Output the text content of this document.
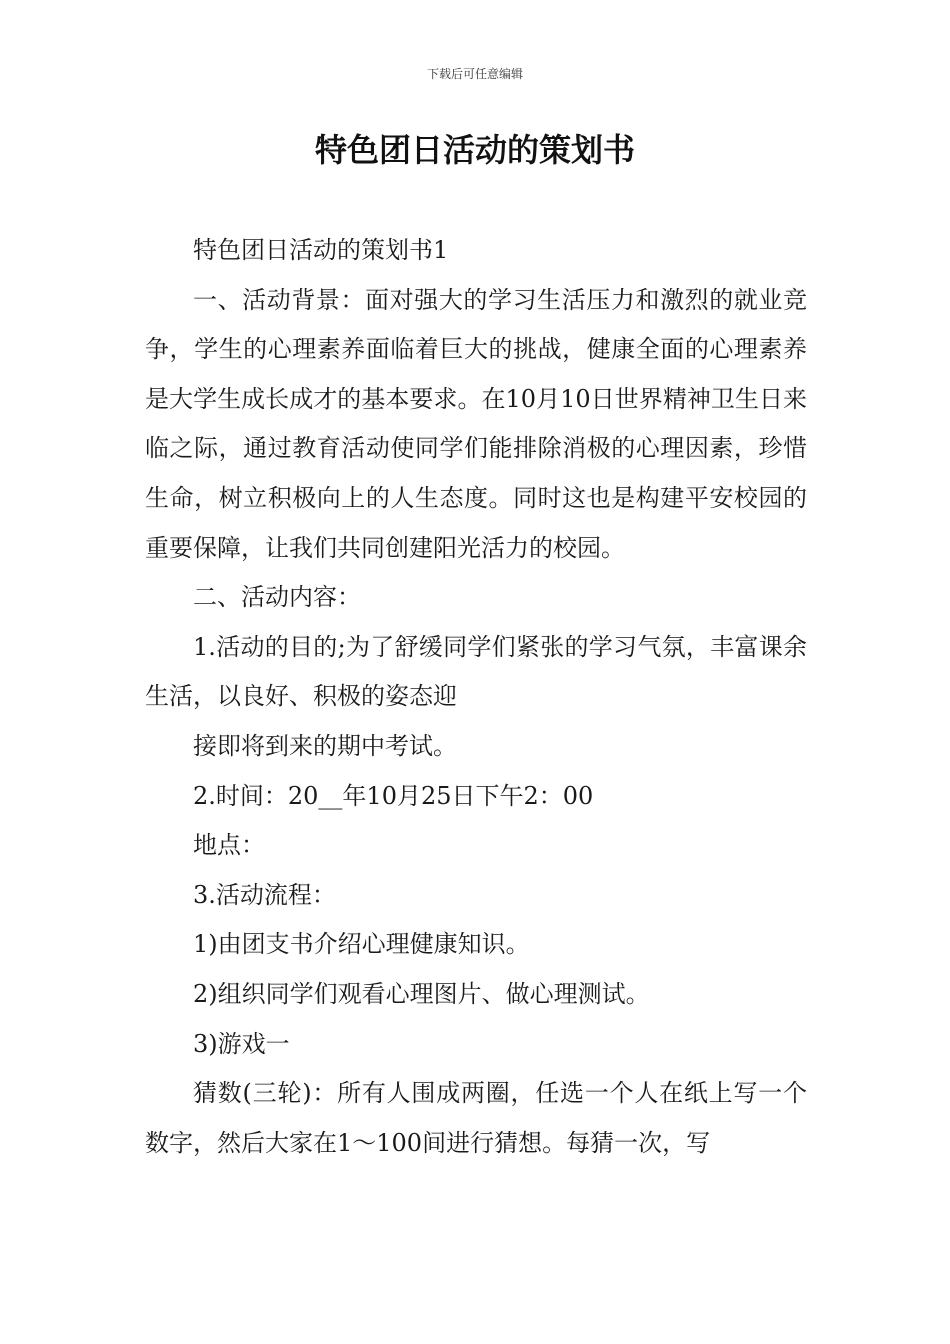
下载后可任意编辑
特色团日活动的策划书

特色团日活动的策划书1

一、活动背景：面对强大的学习生活压力和激烈的就业竞争，学生的心理素养面临着巨大的挑战，健康全面的心理素养是大学生成长成才的基本要求。在10月10日世界精神卫生日来临之际，通过教育活动使同学们能排除消极的心理因素，珍惜生命，树立积极向上的人生态度。同时这也是构建平安校园的重要保障，让我们共同创建阳光活力的校园。

二、活动内容：

1.活动的目的;为了舒缓同学们紧张的学习气氛，丰富课余生活，以良好、积极的姿态迎

接即将到来的期中考试。

2.时间：20__年10月25日下午2：00

地点：

3.活动流程：

1)由团支书介绍心理健康知识。

2)组织同学们观看心理图片、做心理测试。

3)游戏一

猜数(三轮)：所有人围成两圈，任选一个人在纸上写一个数字，然后大家在1～100间进行猜想。每猜一次，写
